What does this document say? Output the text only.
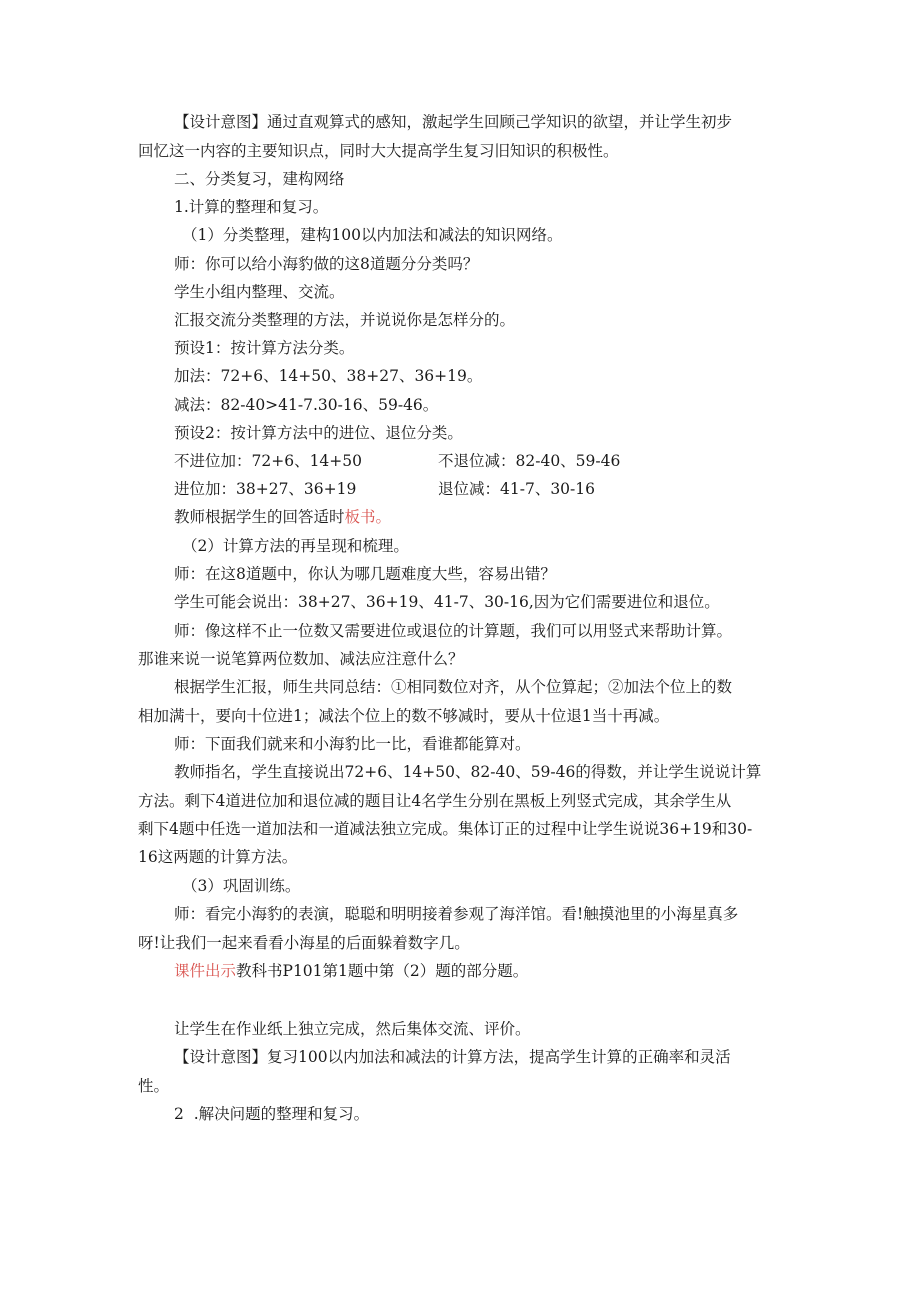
【设计意图】通过直观算式的感知，激起学生回顾己学知识的欲望，并让学生初步
回忆这一内容的主要知识点，同时大大提高学生复习旧知识的积极性。
二、分类复习，建构网络
1.计算的整理和复习。
（1）分类整理，建构100以内加法和减法的知识网络。
师：你可以给小海豹做的这8道题分分类吗？
学生小组内整理、交流。
汇报交流分类整理的方法，并说说你是怎样分的。
预设1：按计算方法分类。
加法：72+6、14+50、38+27、36+19。
减法：82-40>41-7.30-16、59-46。
预设2：按计算方法中的进位、退位分类。
不进位加：72+6、14+50	不退位减：82-40、59-46
进位加：38+27、36+19	退位减：41-7、30-16
教师根据学生的回答适时板书。
（2）计算方法的再呈现和梳理。
师：在这8道题中，你认为哪几题难度大些，容易出错？
学生可能会说出：38+27、36+19、41-7、30-16,因为它们需要进位和退位。
师：像这样不止一位数又需要进位或退位的计算题，我们可以用竖式来帮助计算。
那谁来说一说笔算两位数加、减法应注意什么？
根据学生汇报，师生共同总结：①相同数位对齐，从个位算起；②加法个位上的数
相加满十，要向十位进1；减法个位上的数不够减时，要从十位退1当十再减。
师：下面我们就来和小海豹比一比，看谁都能算对。
教师指名，学生直接说出72+6、14+50、82-40、59-46的得数，并让学生说说计算
方法。剩下4道进位加和退位减的题目让4名学生分别在黑板上列竖式完成，其余学生从
剩下4题中任选一道加法和一道减法独立完成。集体订正的过程中让学生说说36+19和30-
16这两题的计算方法。
（3）巩固训练。
师：看完小海豹的表演，聪聪和明明接着参观了海洋馆。看!触摸池里的小海星真多
呀!让我们一起来看看小海星的后面躲着数字几。
课件出示教科书P101第1题中第（2）题的部分题。
让学生在作业纸上独立完成，然后集体交流、评价。
【设计意图】复习100以内加法和减法的计算方法，提高学生计算的正确率和灵活
性。
2  .解决问题的整理和复习。
